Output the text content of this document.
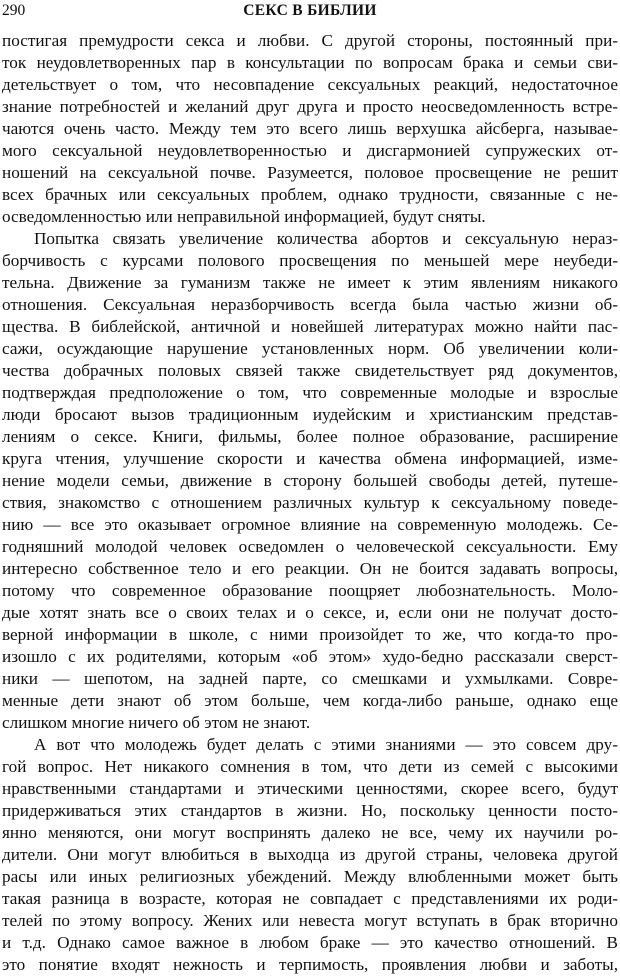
290	СЕКС В БИБЛИИ
постигая премудрости секса и любви. С другой стороны, постоянный при-
ток неудовлетворенных пар в консультации по вопросам брака и семьи сви-
детельствует о том, что несовпадение сексуальных реакций, недостаточное
знание потребностей и желаний друг друга и просто неосведомленность встре-
чаются очень часто. Между тем это всего лишь верхушка айсберга, называе-
мого сексуальной неудовлетворенностью и дисгармонией супружеских от-
ношений на сексуальной почве. Разумеется, половое просвещение не решит
всех брачных или сексуальных проблем, однако трудности, связанные с не-
осведомленностью или неправильной информацией, будут сняты.
Попытка связать увеличение количества абортов и сексуальную нераз-
борчивость с курсами полового просвещения по меньшей мере неубеди-
тельна. Движение за гуманизм также не имеет к этим явлениям никакого
отношения. Сексуальная неразборчивость всегда была частью жизни об-
щества. В библейской, античной и новейшей литературах можно найти пас-
сажи, осуждающие нарушение установленных норм. Об увеличении коли-
чества добрачных половых связей также свидетельствует ряд документов,
подтверждая предположение о том, что современные молодые и взрослые
люди бросают вызов традиционным иудейским и христианским представ-
лениям о сексе. Книги, фильмы, более полное образование, расширение
круга чтения, улучшение скорости и качества обмена информацией, изме-
нение модели семьи, движение в сторону большей свободы детей, путеше-
ствия, знакомство с отношением различных культур к сексуальному поведе-
нию — все это оказывает огромное влияние на современную молодежь. Се-
годняшний молодой человек осведомлен о человеческой сексуальности. Ему
интересно собственное тело и его реакции. Он не боится задавать вопросы,
потому что современное образование поощряет любознательность. Моло-
дые хотят знать все о своих телах и о сексе, и, если они не получат досто-
верной информации в школе, с ними произойдет то же, что когда-то про-
изошло с их родителями, которым «об этом» худо-бедно рассказали сверст-
ники — шепотом, на задней парте, со смешками и ухмылками. Совре-
менные дети знают об этом больше, чем когда-либо раньше, однако еще
слишком многие ничего об этом не знают.
А вот что молодежь будет делать с этими знаниями — это совсем дру-
гой вопрос. Нет никакого сомнения в том, что дети из семей с высокими
нравственными стандартами и этическими ценностями, скорее всего, будут
придерживаться этих стандартов в жизни. Но, поскольку ценности посто-
янно меняются, они могут воспринять далеко не все, чему их научили ро-
дители. Они могут влюбиться в выходца из другой страны, человека другой
расы или иных религиозных убеждений. Между влюбленными может быть
такая разница в возрасте, которая не совпадает с представлениями их роди-
телей по этому вопросу. Жених или невеста могут вступать в брак вторично
и т.д. Однако самое важное в любом браке — это качество отношений. В
это понятие входят нежность и терпимость, проявления любви и заботы,
